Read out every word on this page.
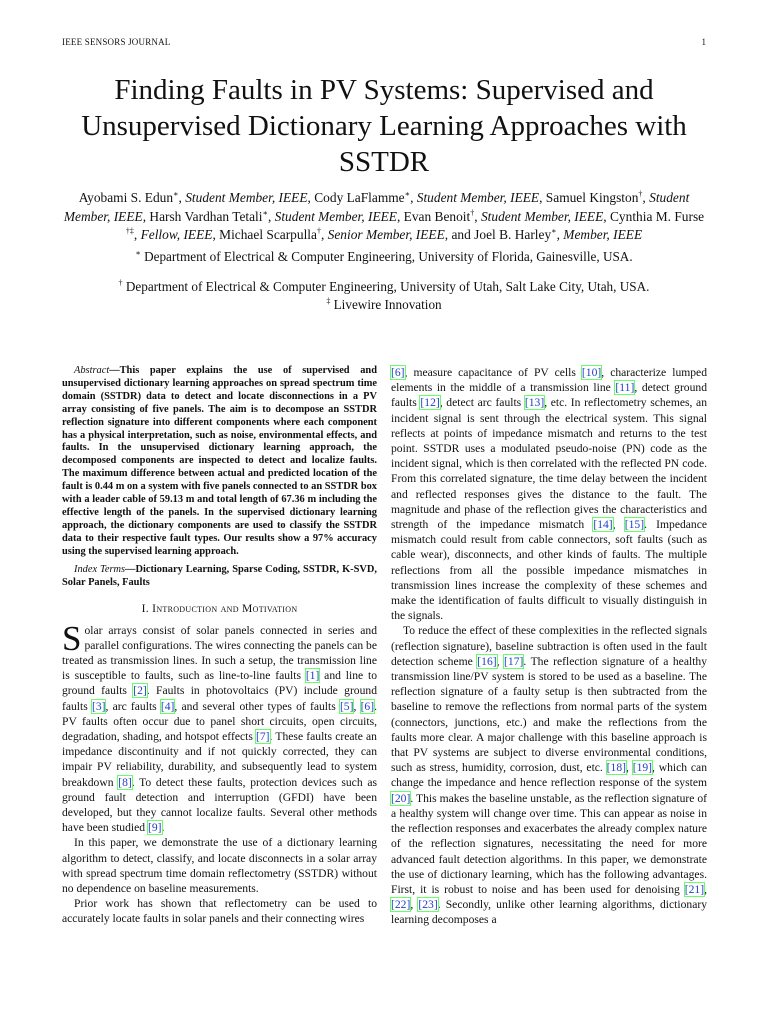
IEEE SENSORS JOURNAL	1
Finding Faults in PV Systems: Supervised and Unsupervised Dictionary Learning Approaches with SSTDR
Ayobami S. Edun∗, Student Member, IEEE, Cody LaFlamme∗, Student Member, IEEE, Samuel Kingston†, Student Member, IEEE, Harsh Vardhan Tetali∗, Student Member, IEEE, Evan Benoit†, Student Member, IEEE, Cynthia M. Furse †‡, Fellow, IEEE, Michael Scarpulla†, Senior Member, IEEE, and Joel B. Harley∗, Member, IEEE
∗ Department of Electrical & Computer Engineering, University of Florida, Gainesville, USA.
† Department of Electrical & Computer Engineering, University of Utah, Salt Lake City, Utah, USA.
‡ Livewire Innovation

Abstract—This paper explains the use of supervised and unsupervised dictionary learning approaches on spread spectrum time domain (SSTDR) data to detect and locate disconnections in a PV array consisting of five panels. The aim is to decompose an SSTDR reflection signature into different components where each component has a physical interpretation, such as noise, environmental effects, and faults. In the unsupervised dictionary learning approach, the decomposed components are inspected to detect and localize faults. The maximum difference between actual and predicted location of the fault is 0.44 m on a system with five panels connected to an SSTDR box with a leader cable of 59.13 m and total length of 67.36 m including the effective length of the panels. In the supervised dictionary learning approach, the dictionary components are used to classify the SSTDR data to their respective fault types. Our results show a 97% accuracy using the supervised learning approach.

Index Terms—Dictionary Learning, Sparse Coding, SSTDR, K-SVD, Solar Panels, Faults

I. Introduction and Motivation

Solar arrays consist of solar panels connected in series and parallel configurations. The wires connecting the panels can be treated as transmission lines. In such a setup, the transmission line is susceptible to faults, such as line-to-line faults [1] and line to ground faults [2]. Faults in photovoltaics (PV) include ground faults [3], arc faults [4], and several other types of faults [5], [6]. PV faults often occur due to panel short circuits, open circuits, degradation, shading, and hotspot effects [7]. These faults create an impedance discontinuity and if not quickly corrected, they can impair PV reliability, durability, and subsequently lead to system breakdown [8]. To detect these faults, protection devices such as ground fault detection and interruption (GFDI) have been developed, but they cannot localize faults. Several other methods have been studied [9].

In this paper, we demonstrate the use of a dictionary learning algorithm to detect, classify, and locate disconnects in a solar array with spread spectrum time domain reflectometry (SSTDR) without no dependence on baseline measurements.

Prior work has shown that reflectometry can be used to accurately locate faults in solar panels and their connecting wires

[6], measure capacitance of PV cells [10], characterize lumped elements in the middle of a transmission line [11], detect ground faults [12], detect arc faults [13], etc. In reflectometry schemes, an incident signal is sent through the electrical system. This signal reflects at points of impedance mismatch and returns to the test point. SSTDR uses a modulated pseudo-noise (PN) code as the incident signal, which is then correlated with the reflected PN code. From this correlated signature, the time delay between the incident and reflected responses gives the distance to the fault. The magnitude and phase of the reflection gives the characteristics and strength of the impedance mismatch [14], [15]. Impedance mismatch could result from cable connectors, soft faults (such as cable wear), disconnects, and other kinds of faults. The multiple reflections from all the possible impedance mismatches in transmission lines increase the complexity of these schemes and make the identification of faults difficult to visually distinguish in the signals.

To reduce the effect of these complexities in the reflected signals (reflection signature), baseline subtraction is often used in the fault detection scheme [16], [17]. The reflection signature of a healthy transmission line/PV system is stored to be used as a baseline. The reflection signature of a faulty setup is then subtracted from the baseline to remove the reflections from normal parts of the system (connectors, junctions, etc.) and make the reflections from the faults more clear. A major challenge with this baseline approach is that PV systems are subject to diverse environmental conditions, such as stress, humidity, corrosion, dust, etc. [18], [19], which can change the impedance and hence reflection response of the system [20]. This makes the baseline unstable, as the reflection signature of a healthy system will change over time. This can appear as noise in the reflection responses and exacerbates the already complex nature of the reflection signatures, necessitating the need for more advanced fault detection algorithms. In this paper, we demonstrate the use of dictionary learning, which has the following advantages. First, it is robust to noise and has been used for denoising [21], [22], [23]. Secondly, unlike other learning algorithms, dictionary learning decomposes a
